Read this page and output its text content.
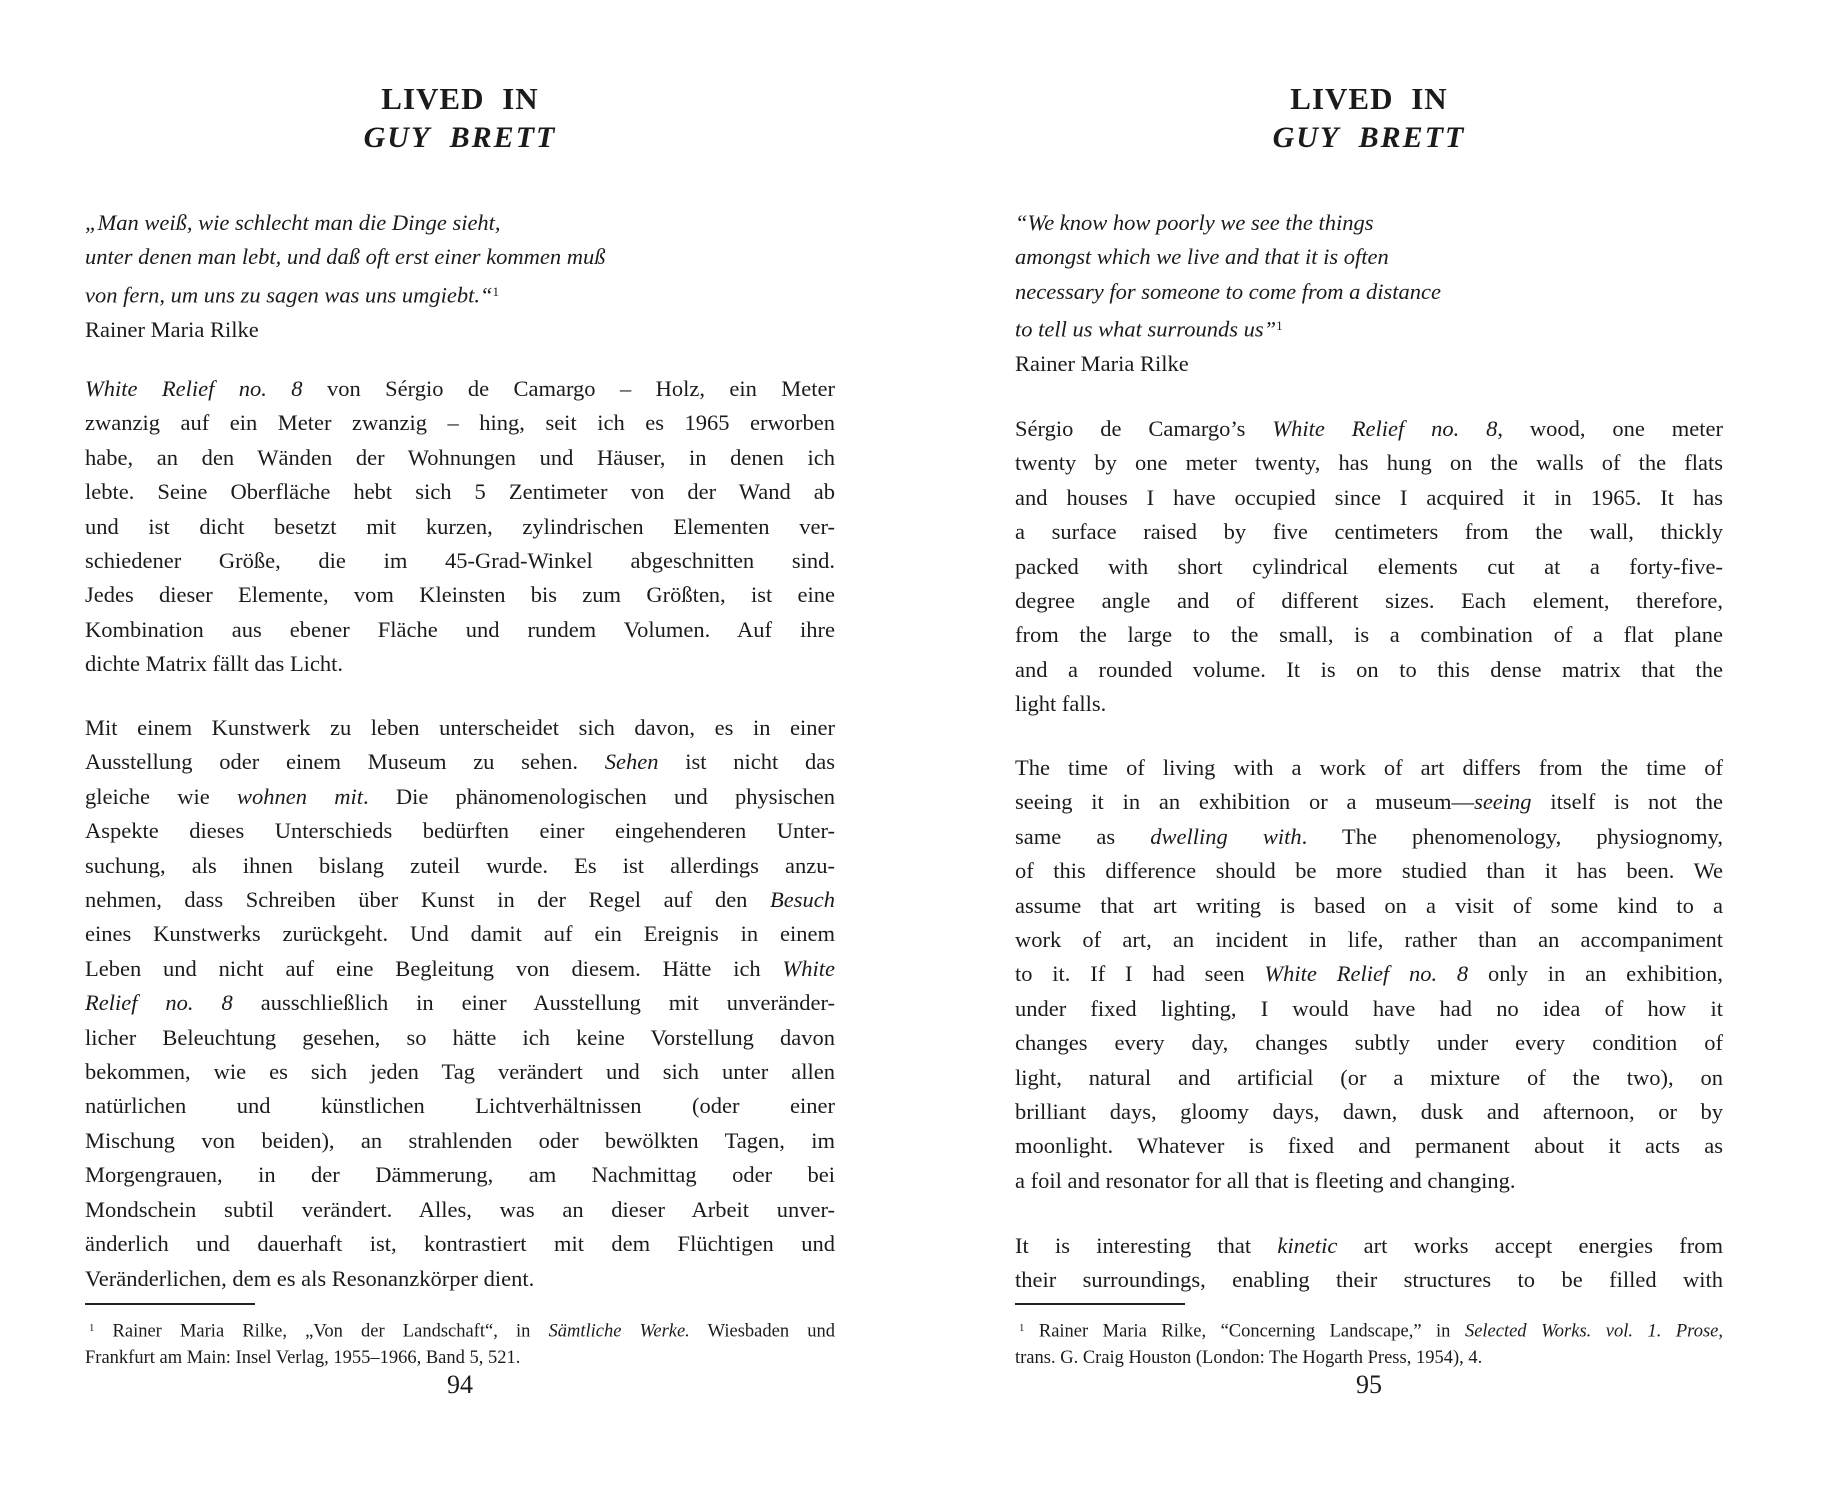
LIVED IN
GUY BRETT
„Man weiß, wie schlecht man die Dinge sieht,
unter denen man lebt, und daß oft erst einer kommen muß
von fern, um uns zu sagen was uns umgiebt.“$^1$
Rainer Maria Rilke
White Relief no. 8 von Sérgio de Camargo – Holz, ein Meter
zwanzig auf ein Meter zwanzig – hing, seit ich es 1965 erworben
habe, an den Wänden der Wohnungen und Häuser, in denen ich
lebte. Seine Oberfläche hebt sich 5 Zentimeter von der Wand ab
und ist dicht besetzt mit kurzen, zylindrischen Elementen ver-
schiedener Größe, die im 45-Grad-Winkel abgeschnitten sind.
Jedes dieser Elemente, vom Kleinsten bis zum Größten, ist eine
Kombination aus ebener Fläche und rundem Volumen. Auf ihre
dichte Matrix fällt das Licht.
Mit einem Kunstwerk zu leben unterscheidet sich davon, es in einer
Ausstellung oder einem Museum zu sehen. Sehen ist nicht das
gleiche wie wohnen mit. Die phänomenologischen und physischen
Aspekte dieses Unterschieds bedürften einer eingehenderen Unter-
suchung, als ihnen bislang zuteil wurde. Es ist allerdings anzu-
nehmen, dass Schreiben über Kunst in der Regel auf den Besuch
eines Kunstwerks zurückgeht. Und damit auf ein Ereignis in einem
Leben und nicht auf eine Begleitung von diesem. Hätte ich White
Relief no. 8 ausschließlich in einer Ausstellung mit unveränder-
licher Beleuchtung gesehen, so hätte ich keine Vorstellung davon
bekommen, wie es sich jeden Tag verändert und sich unter allen
natürlichen und künstlichen Lichtverhältnissen (oder einer
Mischung von beiden), an strahlenden oder bewölkten Tagen, im
Morgengrauen, in der Dämmerung, am Nachmittag oder bei
Mondschein subtil verändert. Alles, was an dieser Arbeit unver-
änderlich und dauerhaft ist, kontrastiert mit dem Flüchtigen und
Veränderlichen, dem es als Resonanzkörper dient.
$^1$ Rainer Maria Rilke, „Von der Landschaft“, in Sämtliche Werke. Wiesbaden und
Frankfurt am Main: Insel Verlag, 1955–1966, Band 5, 521.
94
LIVED IN
GUY BRETT
“We know how poorly we see the things
amongst which we live and that it is often
necessary for someone to come from a distance
to tell us what surrounds us”$^1$
Rainer Maria Rilke
Sérgio de Camargo’s White Relief no. 8, wood, one meter
twenty by one meter twenty, has hung on the walls of the flats
and houses I have occupied since I acquired it in 1965. It has
a surface raised by five centimeters from the wall, thickly
packed with short cylindrical elements cut at a forty-five-
degree angle and of different sizes. Each element, therefore,
from the large to the small, is a combination of a flat plane
and a rounded volume. It is on to this dense matrix that the
light falls.
The time of living with a work of art differs from the time of
seeing it in an exhibition or a museum—seeing itself is not the
same as dwelling with. The phenomenology, physiognomy,
of this difference should be more studied than it has been. We
assume that art writing is based on a visit of some kind to a
work of art, an incident in life, rather than an accompaniment
to it. If I had seen White Relief no. 8 only in an exhibition,
under fixed lighting, I would have had no idea of how it
changes every day, changes subtly under every condition of
light, natural and artificial (or a mixture of the two), on
brilliant days, gloomy days, dawn, dusk and afternoon, or by
moonlight. Whatever is fixed and permanent about it acts as
a foil and resonator for all that is fleeting and changing.
It is interesting that kinetic art works accept energies from
their surroundings, enabling their structures to be filled with
$^1$ Rainer Maria Rilke, “Concerning Landscape,” in Selected Works. vol. 1. Prose,
trans. G. Craig Houston (London: The Hogarth Press, 1954), 4.
95
